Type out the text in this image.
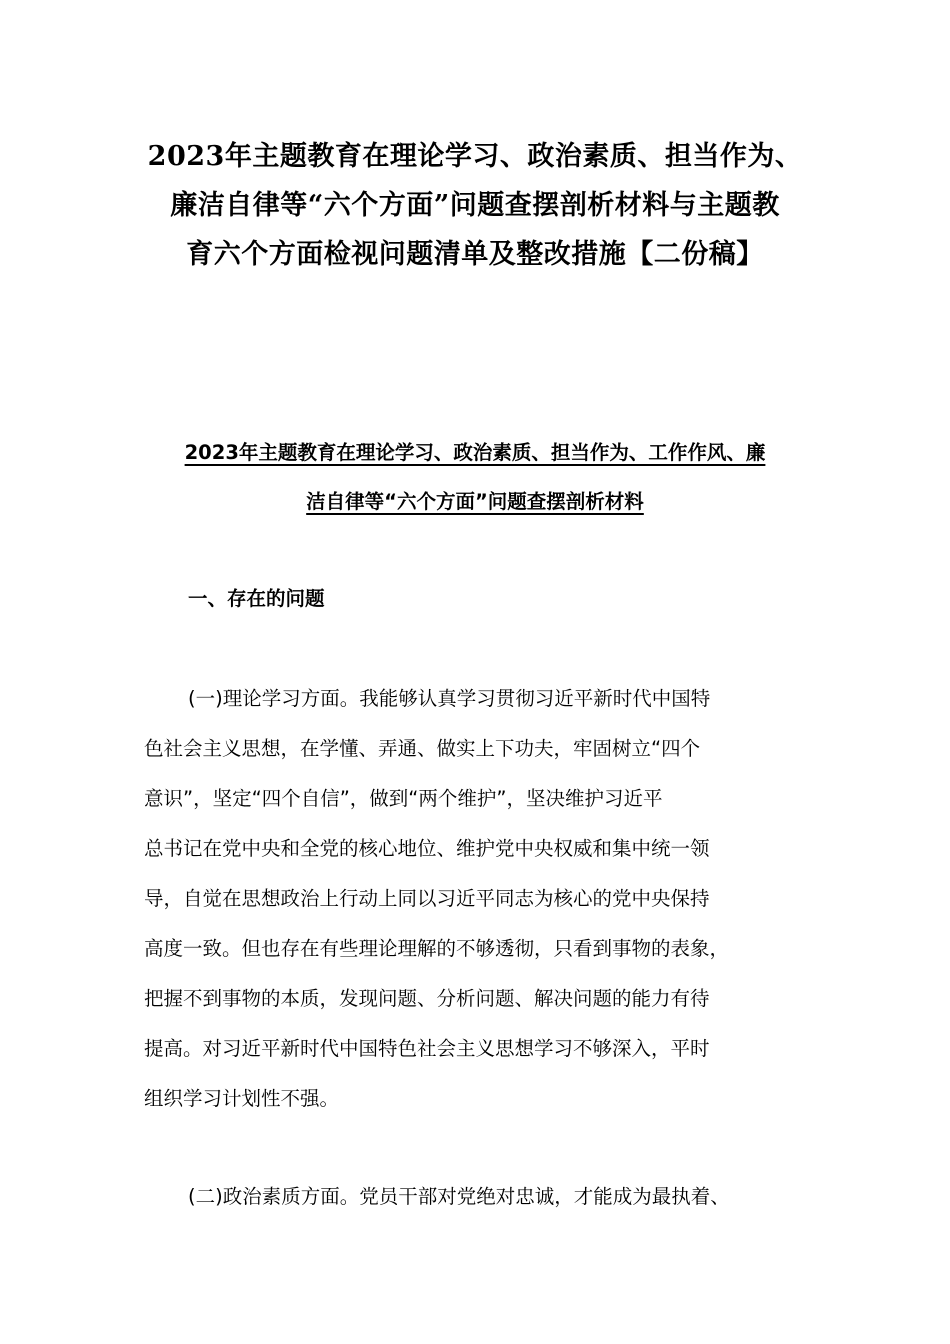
2023年主题教育在理论学习、政治素质、担当作为、
廉洁自律等“六个方面”问题查摆剖析材料与主题教
育六个方面检视问题清单及整改措施【二份稿】
2023年主题教育在理论学习、政治素质、担当作为、工作作风、廉
洁自律等“六个方面”问题查摆剖析材料
一、存在的问题
(一)理论学习方面。我能够认真学习贯彻习近平新时代中国特
色社会主义思想，在学懂、弄通、做实上下功夫，牢固树立“四个
意识”，坚定“四个自信”，做到“两个维护”，坚决维护习近平
总书记在党中央和全党的核心地位、维护党中央权威和集中统一领
导，自觉在思想政治上行动上同以习近平同志为核心的党中央保持
高度一致。但也存在有些理论理解的不够透彻，只看到事物的表象，
把握不到事物的本质，发现问题、分析问题、解决问题的能力有待
提高。对习近平新时代中国特色社会主义思想学习不够深入，平时
组织学习计划性不强。
(二)政治素质方面。党员干部对党绝对忠诚，才能成为最执着、
